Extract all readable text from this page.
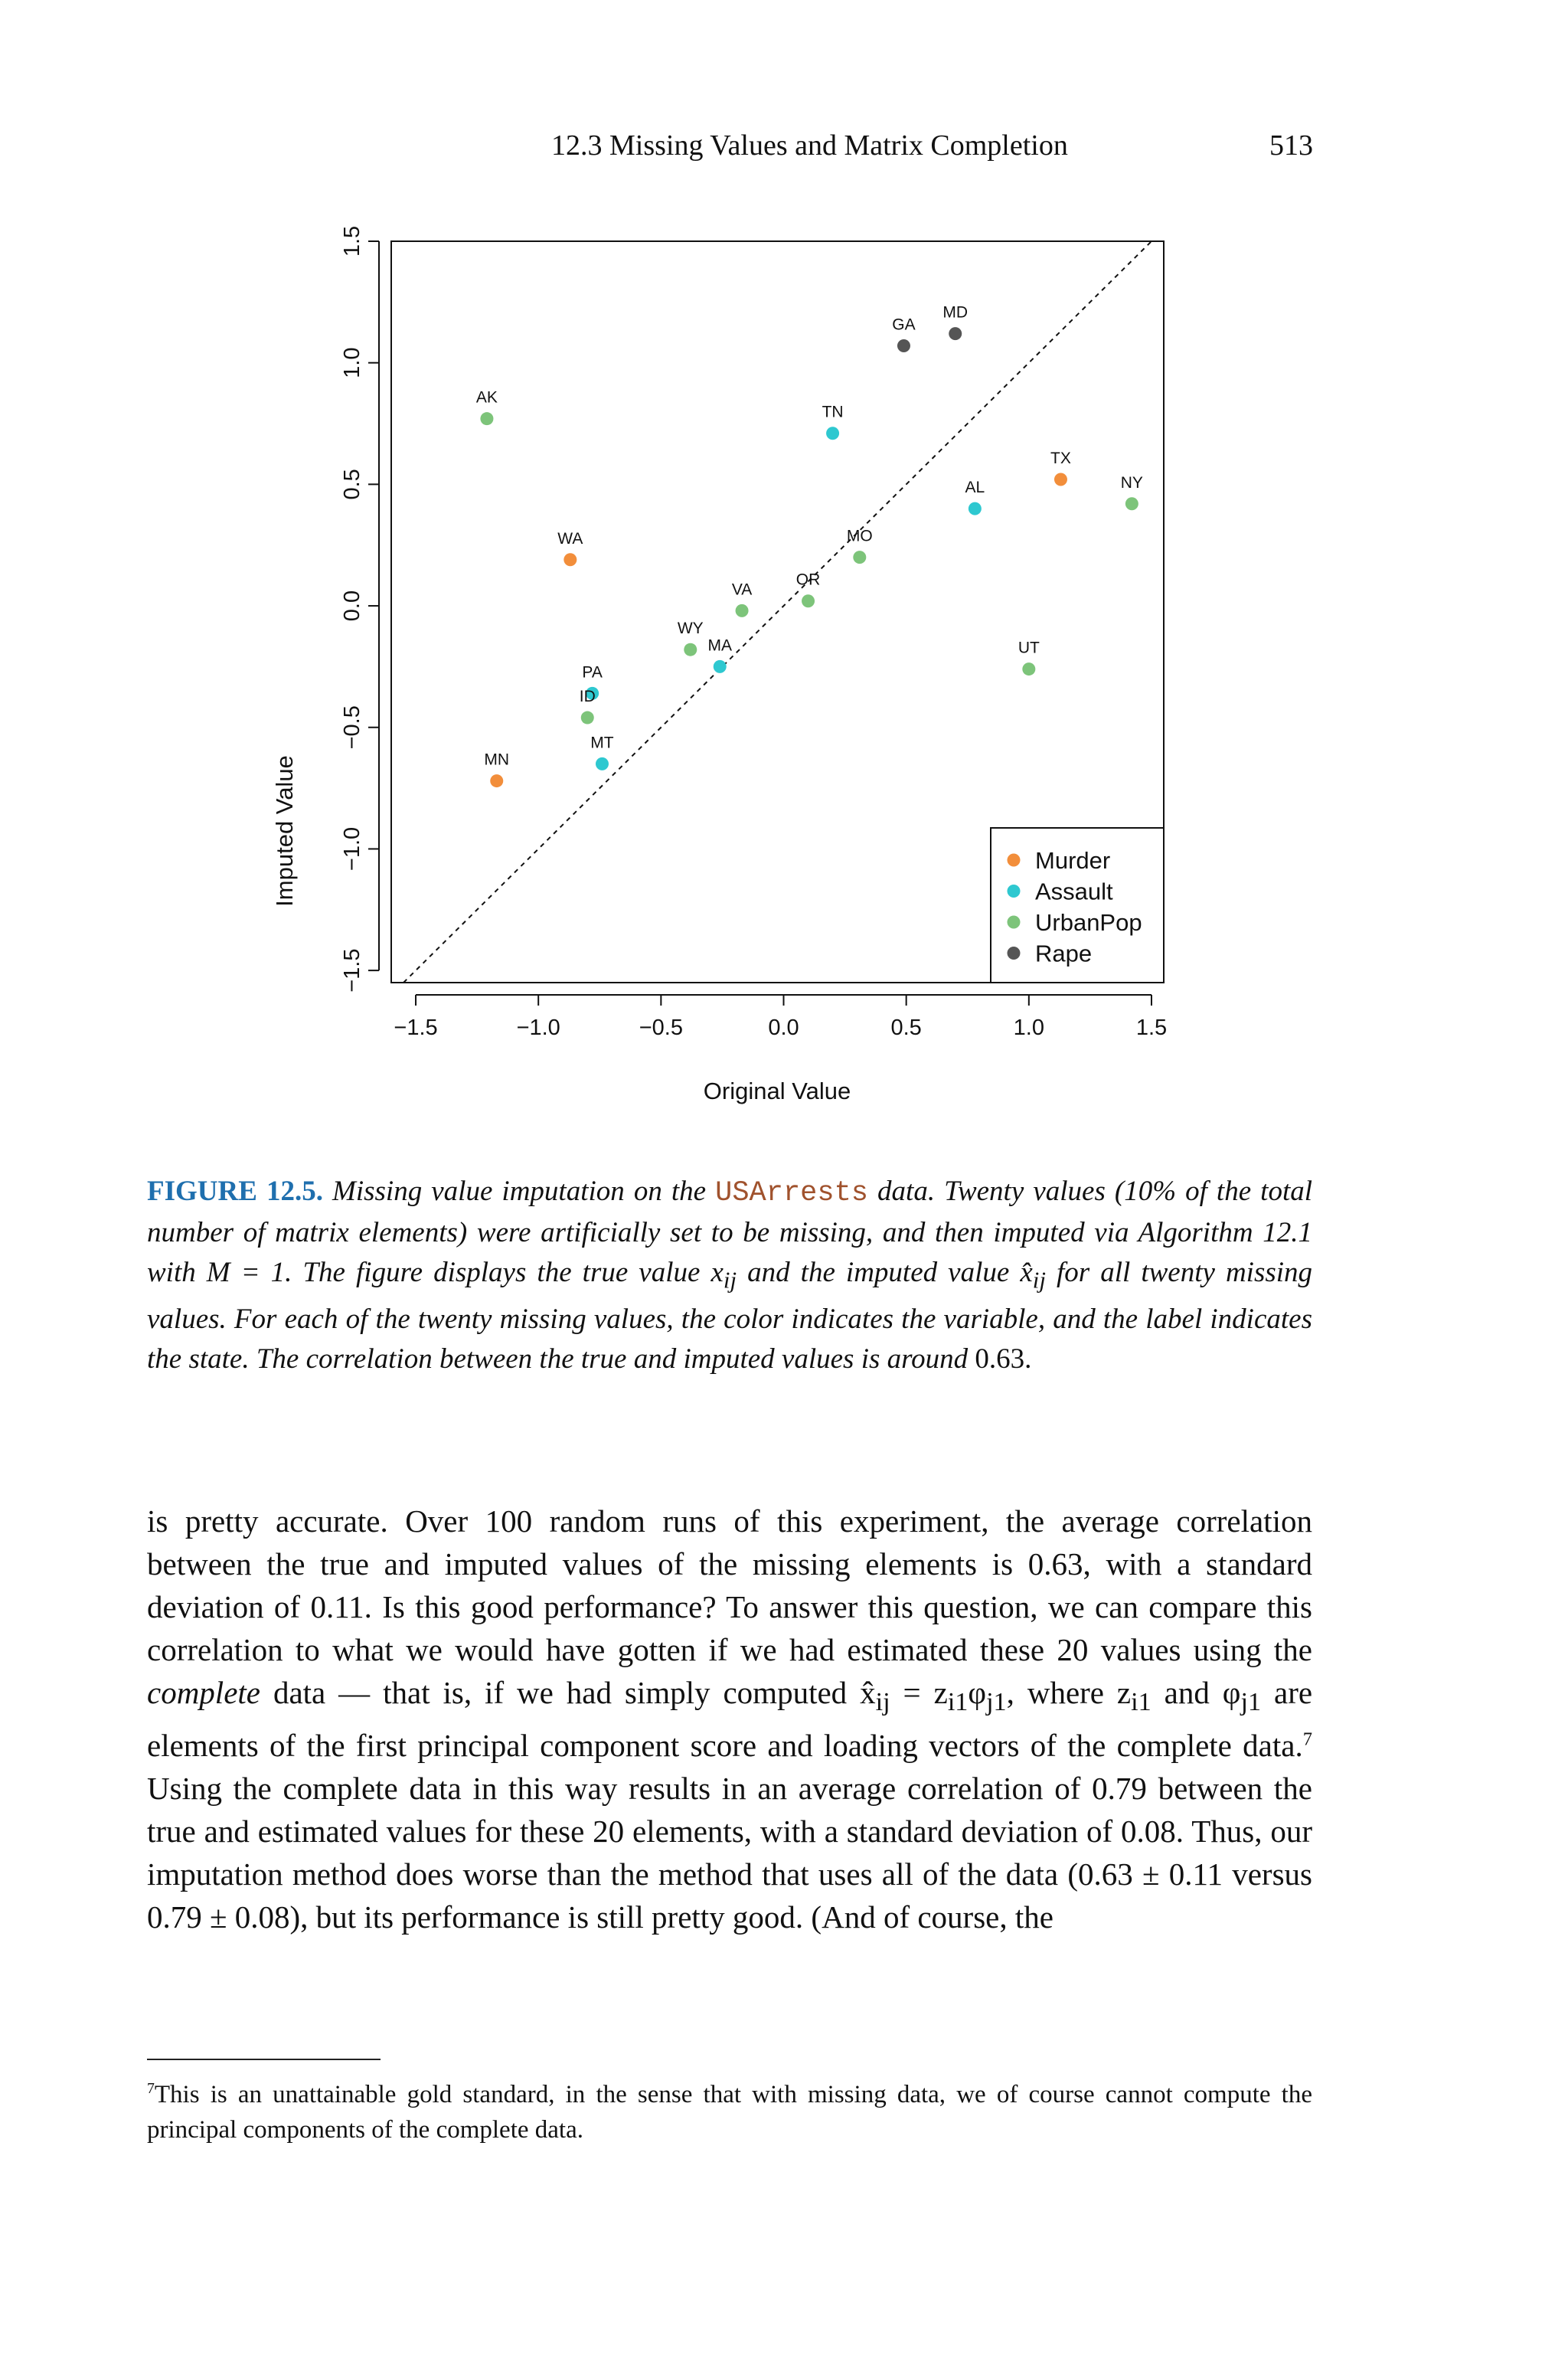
12.3 Missing Values and Matrix Completion	513
−1.5	−1.0	−0.5	0.0	0.5	1.0	1.5
−1.5
−1.0
−0.5
0.0
0.5
1.0
1.5
WA
MN
TX
TN
AL
MA
PA
MT
AK
NY
MO
OR
VA
WY
ID
UT
GA
MD
Murder
Assault
UrbanPop
Rape
Original Value
Imputed Value
FIGURE 12.5. Missing value imputation on the USArrests data. Twenty values (10% of the total number of matrix elements) were artificially set to be missing, and then imputed via Algorithm 12.1 with M = 1. The figure displays the true value $x_{ij}$ and the imputed value $x̂_{ij}$ for all twenty missing values. For each of the twenty missing values, the color indicates the variable, and the label indicates the state. The correlation between the true and imputed values is around 0.63.

is pretty accurate. Over 100 random runs of this experiment, the average correlation between the true and imputed values of the missing elements is 0.63, with a standard deviation of 0.11. Is this good performance? To answer this question, we can compare this correlation to what we would have gotten if we had estimated these 20 values using the complete data — that is, if we had simply computed $x̂_{ij} = z_{i1}\varphi_{j1}$, where $z_{i1}$ and $\varphi_{j1}$ are elements of the first principal component score and loading vectors of the complete data.$^7$ Using the complete data in this way results in an average correlation of 0.79 between the true and estimated values for these 20 elements, with a standard deviation of 0.08. Thus, our imputation method does worse than the method that uses all of the data (0.63 ± 0.11 versus 0.79 ± 0.08), but its performance is still pretty good. (And of course, the

$^7$This is an unattainable gold standard, in the sense that with missing data, we of course cannot compute the principal components of the complete data.
